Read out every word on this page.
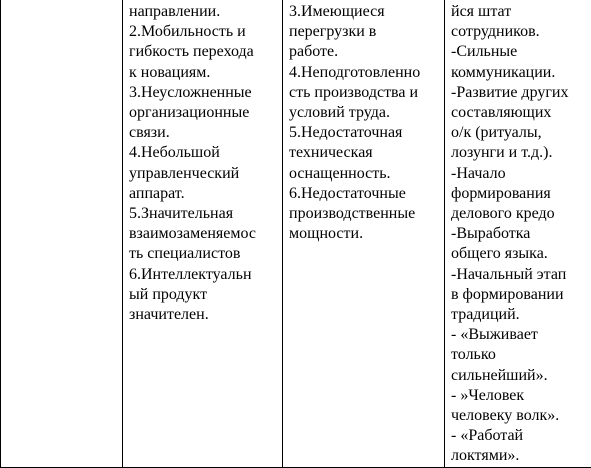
направлении.
2.Мобильность и
гибкость перехода
к новациям.
3.Неусложненные
организационные
связи.
4.Небольшой
управленческий
аппарат.
5.Значительная
взаимозаменяемос
ть специалистов
6.Интеллектуальн
ый продукт
значителен.

3.Имеющиеся
перегрузки в
работе.
4.Неподготовленно
сть производства и
условий труда.
5.Недостаточная
техническая
оснащенность.
6.Недостаточные
производственные
мощности.

йся штат
сотрудников.
-Сильные
коммуникации.
-Развитие других
составляющих
о/к (ритуалы,
лозунги и т.д.).
-Начало
формирования
делового кредо
-Выработка
общего языка.
-Начальный этап
в формировании
традиций.
- «Выживает
только
сильнейший».
- »Человек
человеку волк».
- «Работай
локтями».
